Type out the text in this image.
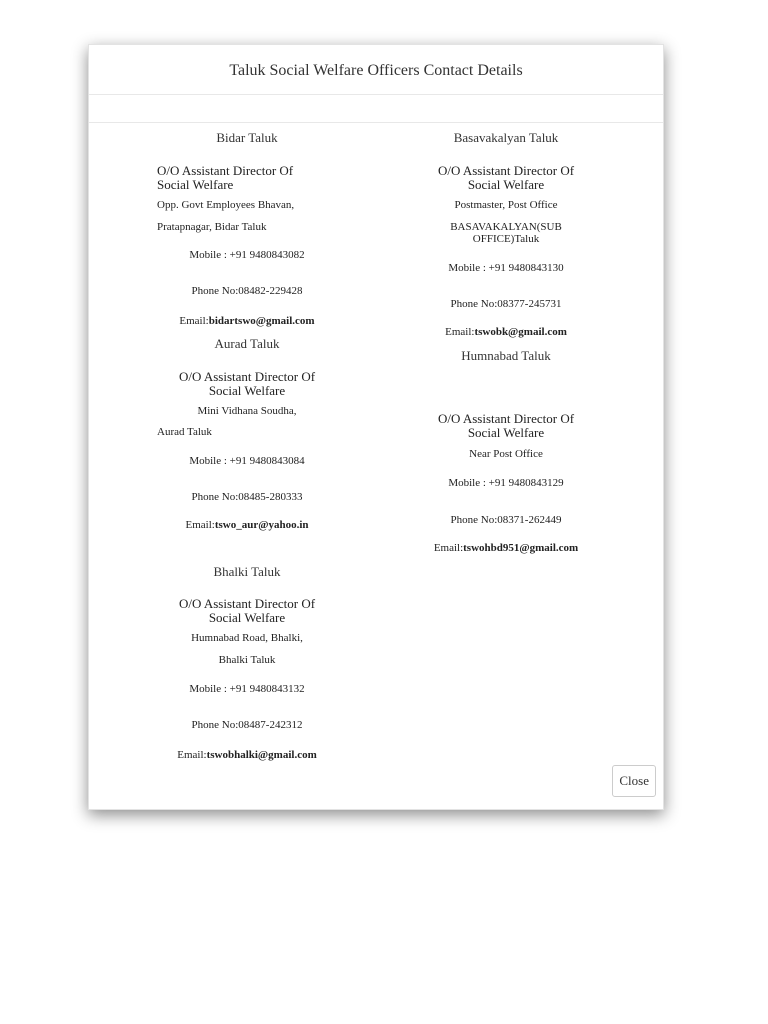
Taluk Social Welfare Officers Contact Details
Bidar Taluk
O/O Assistant Director Of
Social Welfare
Opp. Govt Employees Bhavan,
Pratapnagar, Bidar Taluk
Mobile : +91 9480843082
Phone No:08482-229428
Email:bidartswo@gmail.com
Aurad Taluk
O/O Assistant Director Of
Social Welfare
Mini Vidhana Soudha,
Aurad Taluk
Mobile : +91 9480843084
Phone No:08485-280333
Email:tswo_aur@yahoo.in
Bhalki Taluk
O/O Assistant Director Of
Social Welfare
Humnabad Road, Bhalki,
Bhalki Taluk
Mobile : +91 9480843132
Phone No:08487-242312
Email:tswobhalki@gmail.com
Basavakalyan Taluk
O/O Assistant Director Of
Social Welfare
Postmaster, Post Office
BASAVAKALYAN(SUB
OFFICE)Taluk
Mobile : +91 9480843130
Phone No:08377-245731
Email:tswobk@gmail.com
Humnabad Taluk
O/O Assistant Director Of
Social Welfare
Near Post Office
Mobile : +91 9480843129
Phone No:08371-262449
Email:tswohbd951@gmail.com
Close
